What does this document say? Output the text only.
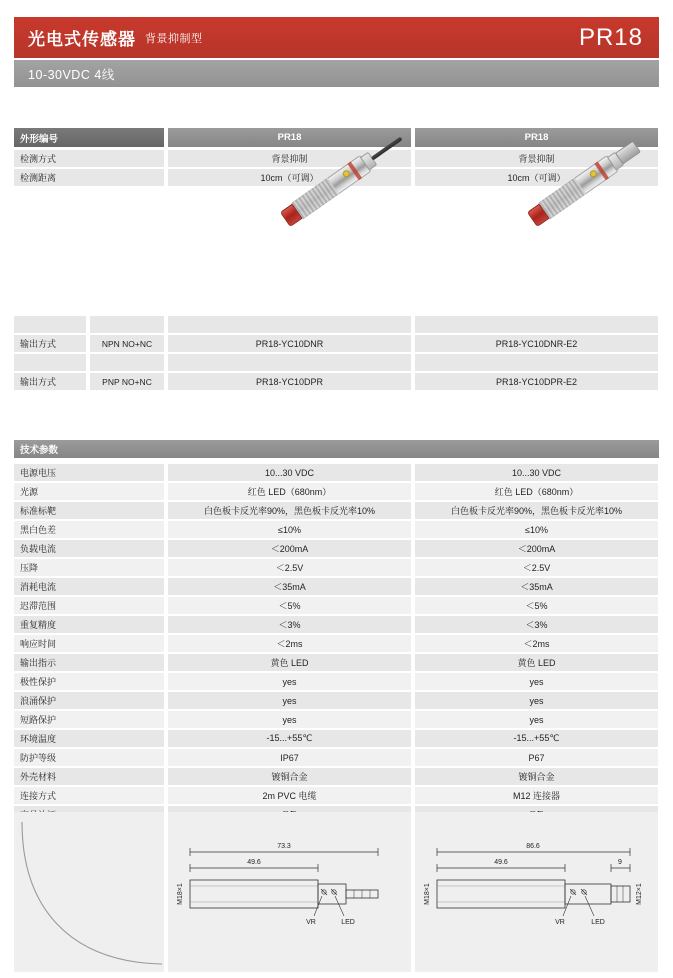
光电式传感器 背景抑制型	PR18
10-30VDC 4线
外形编号	PR18	PR18
检测方式	背景抑制	背景抑制
检测距离	10cm（可调）	10cm（可调）
输出方式	NPN NO+NC	PR18-YC10DNR	PR18-YC10DNR-E2
输出方式	PNP NO+NC	PR18-YC10DPR	PR18-YC10DPR-E2
技术参数
电源电压	10...30 VDC	10...30 VDC
光源	红色 LED（680nm）	红色 LED（680nm）
标准标靶	白色板卡反光率90%，黑色板卡反光率10%	白色板卡反光率90%，黑色板卡反光率10%
黑白色差	≤10%	≤10%
负载电流	＜200mA	＜200mA
压降	＜2.5V	＜2.5V
消耗电流	＜35mA	＜35mA
迟滞范围	＜5%	＜5%
重复精度	＜3%	＜3%
响应时间	＜2ms	＜2ms
输出指示	黄色 LED	黄色 LED
极性保护	yes	yes
浪涌保护	yes	yes
短路保护	yes	yes
环境温度	-15...+55℃	-15...+55℃
防护等级	IP67	P67
外壳材料	镀铜合金	镀铜合金
连接方式	2m PVC 电缆	M12 连接器
73.3
49.6
VR	LED
M18×1
86.6
49.6	9
VR	LED
M18×1	M12×1
